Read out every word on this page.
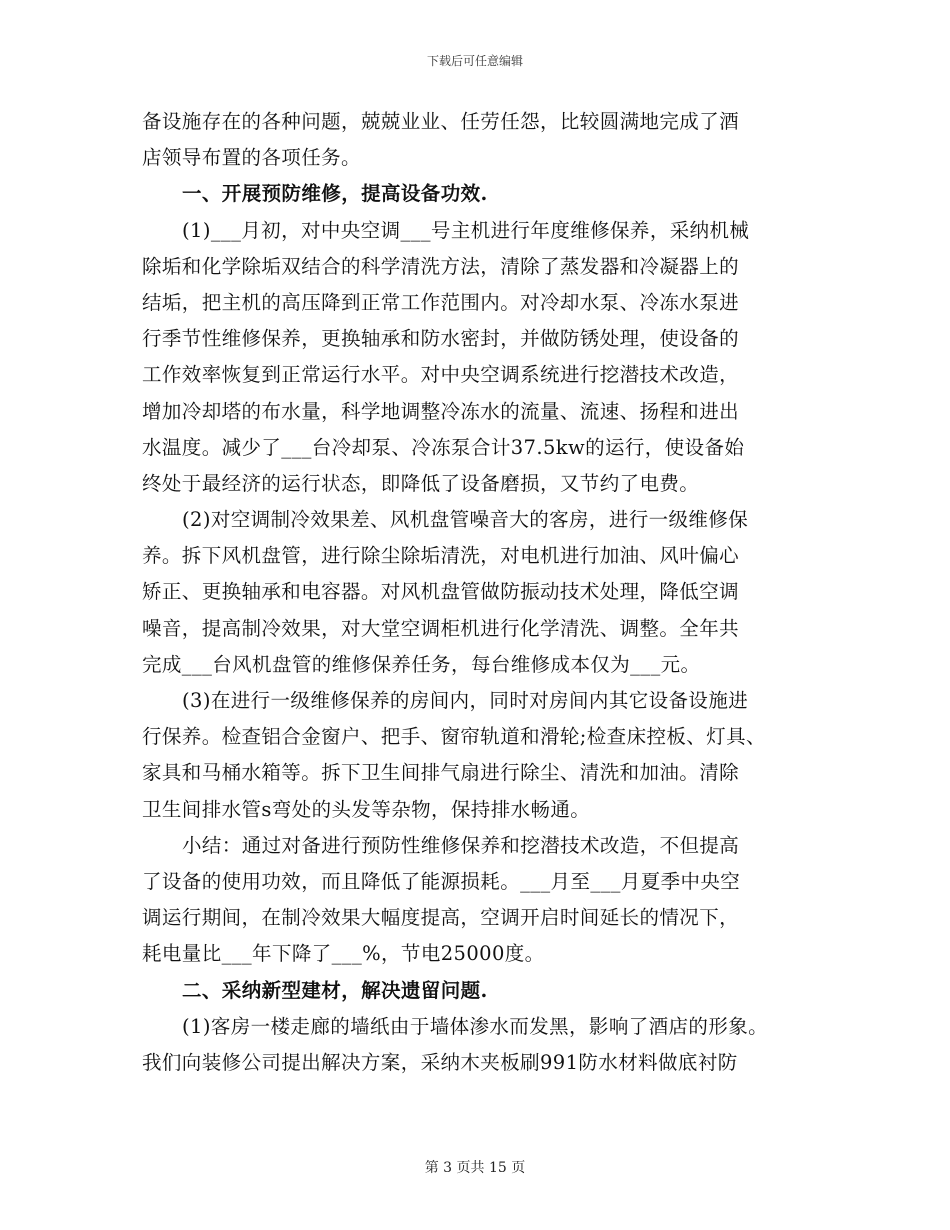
下载后可任意编辑
备设施存在的各种问题，兢兢业业、任劳任怨，比较圆满地完成了酒
店领导布置的各项任务。
一、开展预防维修，提高设备功效.
(1)___月初，对中央空调___号主机进行年度维修保养，采纳机械
除垢和化学除垢双结合的科学清洗方法，清除了蒸发器和冷凝器上的
结垢，把主机的高压降到正常工作范围内。对冷却水泵、冷冻水泵进
行季节性维修保养，更换轴承和防水密封，并做防锈处理，使设备的
工作效率恢复到正常运行水平。对中央空调系统进行挖潜技术改造，
增加冷却塔的布水量，科学地调整冷冻水的流量、流速、扬程和进出
水温度。减少了___台冷却泵、冷冻泵合计37.5kw的运行，使设备始
终处于最经济的运行状态，即降低了设备磨损，又节约了电费。
(2)对空调制冷效果差、风机盘管噪音大的客房，进行一级维修保
养。拆下风机盘管，进行除尘除垢清洗，对电机进行加油、风叶偏心
矫正、更换轴承和电容器。对风机盘管做防振动技术处理，降低空调
噪音，提高制冷效果，对大堂空调柜机进行化学清洗、调整。全年共
完成___台风机盘管的维修保养任务，每台维修成本仅为___元。
(3)在进行一级维修保养的房间内，同时对房间内其它设备设施进
行保养。检查铝合金窗户、把手、窗帘轨道和滑轮;检查床控板、灯具、
家具和马桶水箱等。拆下卫生间排气扇进行除尘、清洗和加油。清除
卫生间排水管s弯处的头发等杂物，保持排水畅通。
小结：通过对备进行预防性维修保养和挖潜技术改造，不但提高
了设备的使用功效，而且降低了能源损耗。___月至___月夏季中央空
调运行期间，在制冷效果大幅度提高，空调开启时间延长的情况下，
耗电量比___年下降了___%，节电25000度。
二、采纳新型建材，解决遗留问题.
(1)客房一楼走廊的墙纸由于墙体渗水而发黑，影响了酒店的形象。
我们向装修公司提出解决方案，采纳木夹板刷991防水材料做底衬防
第 3 页共 15 页
